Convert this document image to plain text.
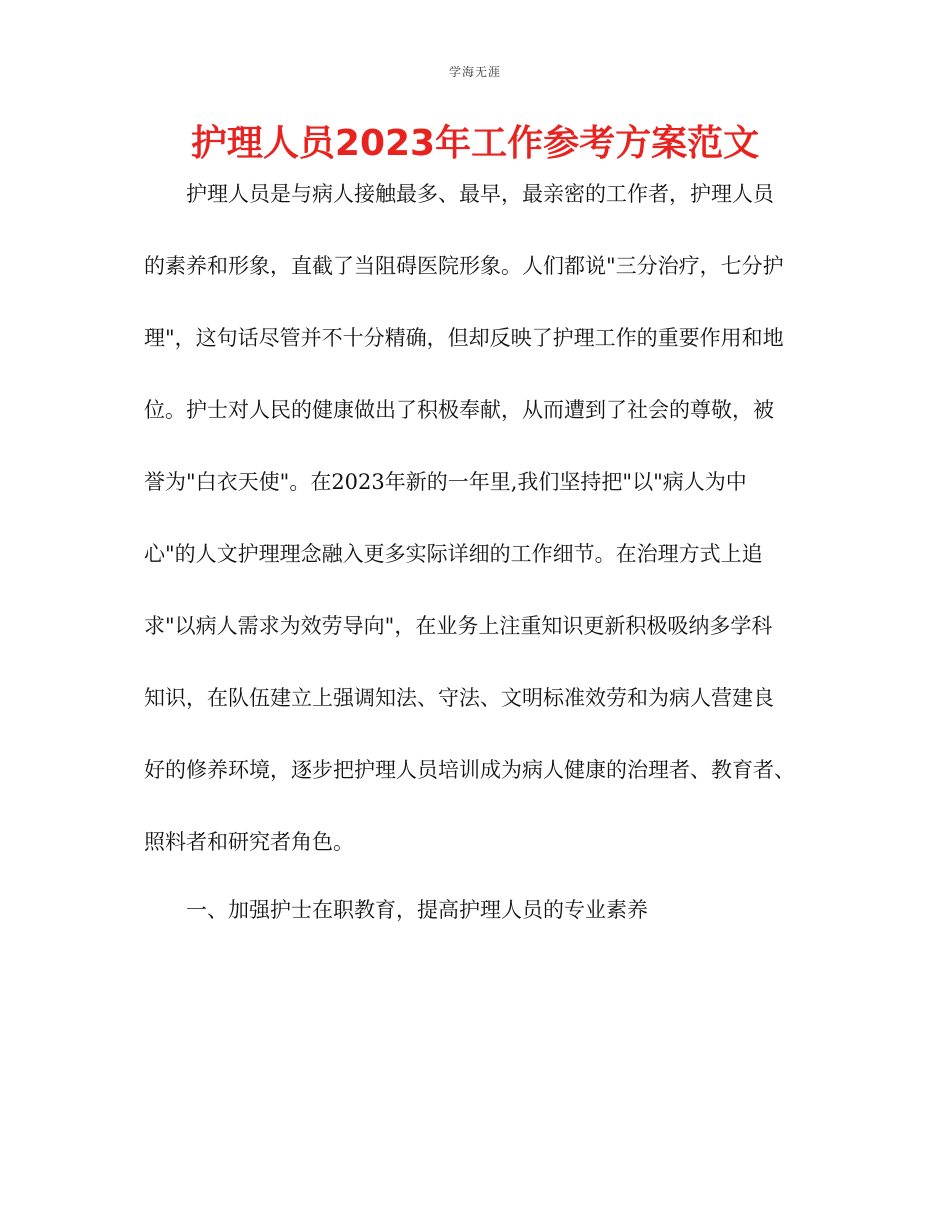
学海无涯
护理人员2023年工作参考方案范文
护理人员是与病人接触最多、最早，最亲密的工作者，护理人员
的素养和形象，直截了当阻碍医院形象。人们都说"三分治疗，七分护
理"，这句话尽管并不十分精确，但却反映了护理工作的重要作用和地
位。护士对人民的健康做出了积极奉献，从而遭到了社会的尊敬，被
誉为"白衣天使"。在2023年新的一年里,我们坚持把"以"病人为中
心"的人文护理理念融入更多实际详细的工作细节。在治理方式上追
求"以病人需求为效劳导向"，在业务上注重知识更新积极吸纳多学科
知识，在队伍建立上强调知法、守法、文明标准效劳和为病人营建良
好的修养环境，逐步把护理人员培训成为病人健康的治理者、教育者、
照料者和研究者角色。
一、加强护士在职教育，提高护理人员的专业素养
